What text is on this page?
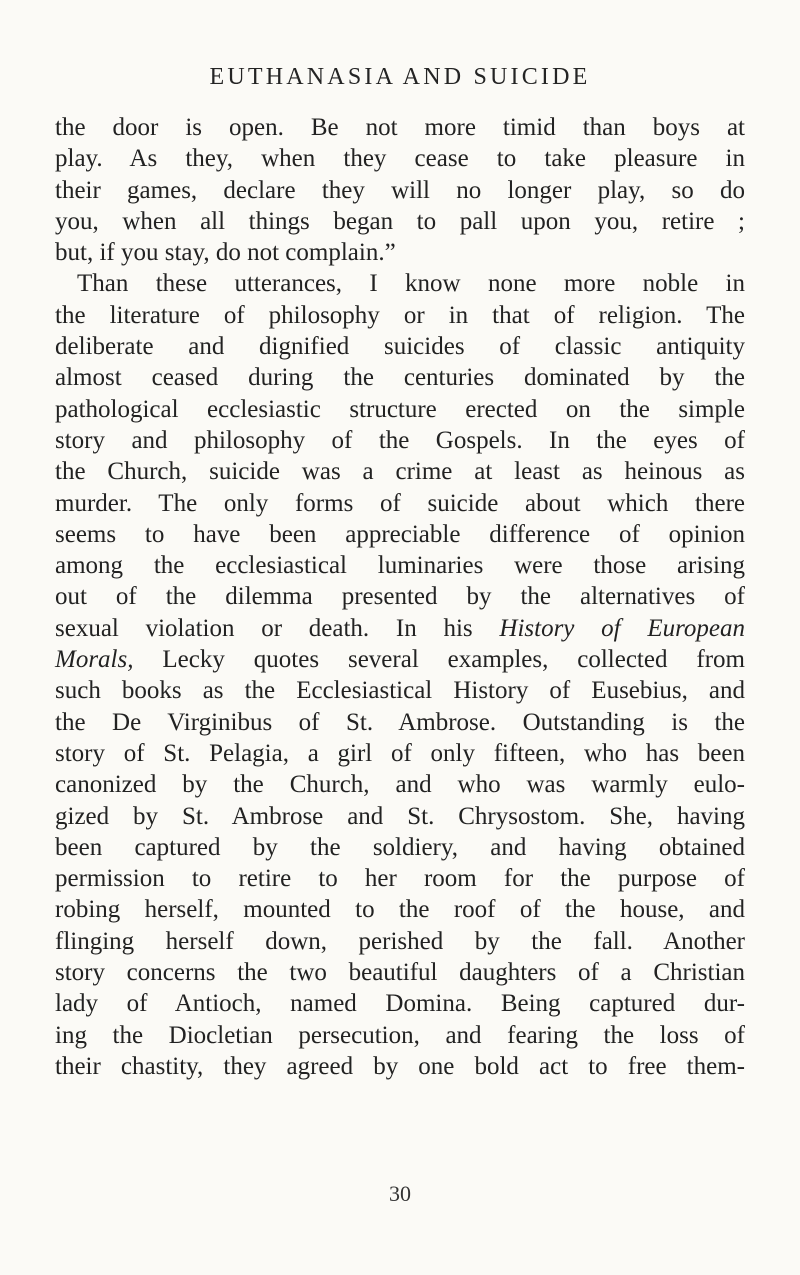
EUTHANASIA AND SUICIDE
the door is open. Be not more timid than boys at
play. As they, when they cease to take pleasure in
their games, declare they will no longer play, so do
you, when all things began to pall upon you, retire ;
but, if you stay, do not complain.”
Than these utterances, I know none more noble in
the literature of philosophy or in that of religion. The
deliberate and dignified suicides of classic antiquity
almost ceased during the centuries dominated by the
pathological ecclesiastic structure erected on the simple
story and philosophy of the Gospels. In the eyes of
the Church, suicide was a crime at least as heinous as
murder. The only forms of suicide about which there
seems to have been appreciable difference of opinion
among the ecclesiastical luminaries were those arising
out of the dilemma presented by the alternatives of
sexual violation or death. In his History of European
Morals, Lecky quotes several examples, collected from
such books as the Ecclesiastical History of Eusebius, and
the De Virginibus of St. Ambrose. Outstanding is the
story of St. Pelagia, a girl of only fifteen, who has been
canonized by the Church, and who was warmly eulo-
gized by St. Ambrose and St. Chrysostom. She, having
been captured by the soldiery, and having obtained
permission to retire to her room for the purpose of
robing herself, mounted to the roof of the house, and
flinging herself down, perished by the fall. Another
story concerns the two beautiful daughters of a Christian
lady of Antioch, named Domina. Being captured dur-
ing the Diocletian persecution, and fearing the loss of
their chastity, they agreed by one bold act to free them-
30
